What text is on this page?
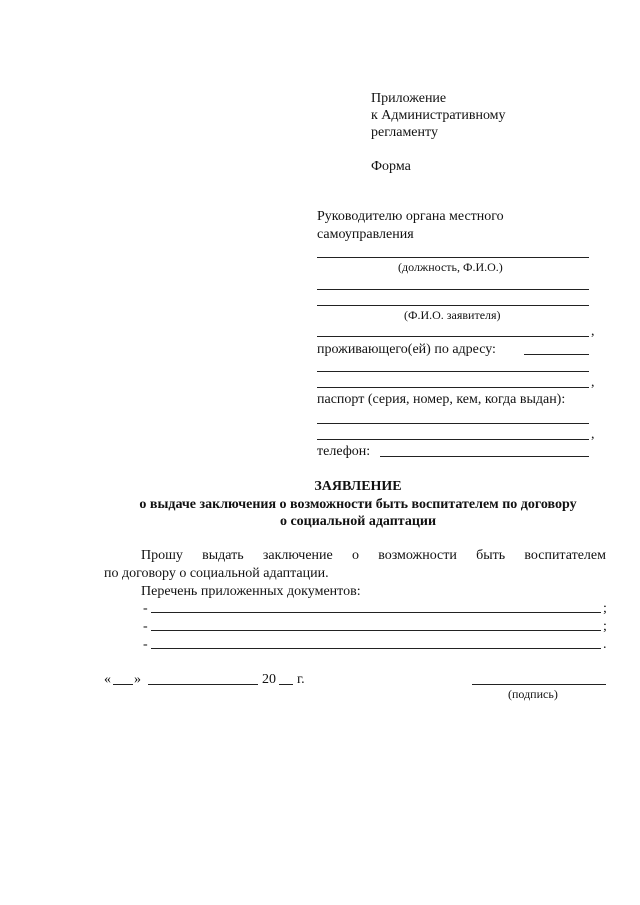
Приложение
к Административному
регламенту
Форма
Руководителю органа местного
самоуправления
(должность, Ф.И.О.)
(Ф.И.О. заявителя)
,
проживающего(ей) по адресу:
,
паспорт (серия, номер, кем, когда выдан):
,
телефон:
ЗАЯВЛЕНИЕ
о выдаче заключения о возможности быть воспитателем по договору
о социальной адаптации
Прошу выдать заключение о возможности быть воспитателем
по договору о социальной адаптации.
Перечень приложенных документов:
-	;
-	;
-	.
« »	20 г.
(подпись)
